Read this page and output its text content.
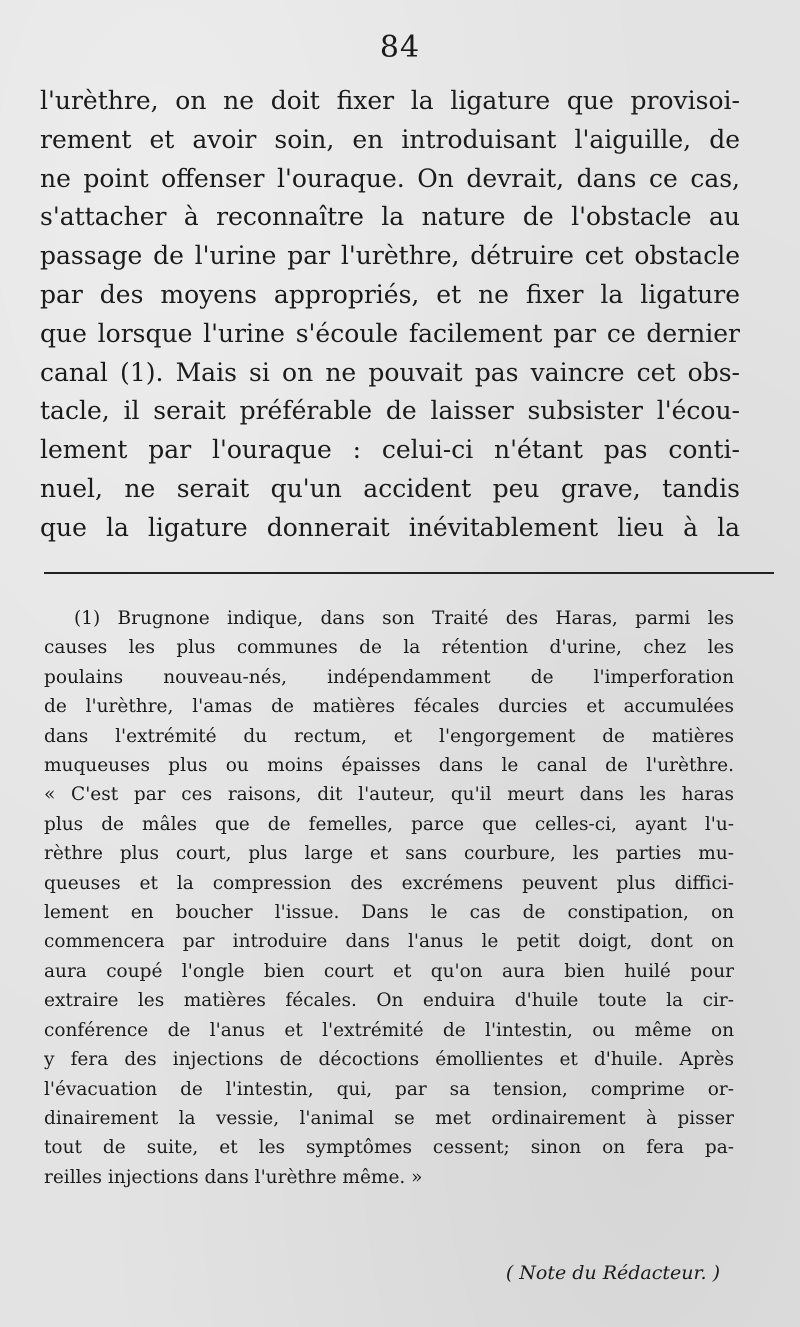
84
l'urèthre, on ne doit fixer la ligature que provisoi-
rement et avoir soin, en introduisant l'aiguille, de
ne point offenser l'ouraque. On devrait, dans ce cas,
s'attacher à reconnaître la nature de l'obstacle au
passage de l'urine par l'urèthre, détruire cet obstacle
par des moyens appropriés, et ne fixer la ligature
que lorsque l'urine s'écoule facilement par ce dernier
canal (1). Mais si on ne pouvait pas vaincre cet obs-
tacle, il serait préférable de laisser subsister l'écou-
lement par l'ouraque : celui-ci n'étant pas conti-
nuel, ne serait qu'un accident peu grave, tandis
que la ligature donnerait inévitablement lieu à la
(1) Brugnone indique, dans son Traité des Haras, parmi les
causes les plus communes de la rétention d'urine, chez les
poulains nouveau-nés, indépendamment de l'imperforation
de l'urèthre, l'amas de matières fécales durcies et accumulées
dans l'extrémité du rectum, et l'engorgement de matières
muqueuses plus ou moins épaisses dans le canal de l'urèthre.
« C'est par ces raisons, dit l'auteur, qu'il meurt dans les haras
plus de mâles que de femelles, parce que celles-ci, ayant l'u-
rèthre plus court, plus large et sans courbure, les parties mu-
queuses et la compression des excrémens peuvent plus diffici-
lement en boucher l'issue. Dans le cas de constipation, on
commencera par introduire dans l'anus le petit doigt, dont on
aura coupé l'ongle bien court et qu'on aura bien huilé pour
extraire les matières fécales. On enduira d'huile toute la cir-
conférence de l'anus et l'extrémité de l'intestin, ou même on
y fera des injections de décoctions émollientes et d'huile. Après
l'évacuation de l'intestin, qui, par sa tension, comprime or-
dinairement la vessie, l'animal se met ordinairement à pisser
tout de suite, et les symptômes cessent; sinon on fera pa-
reilles injections dans l'urèthre même. »
( Note du Rédacteur. )
